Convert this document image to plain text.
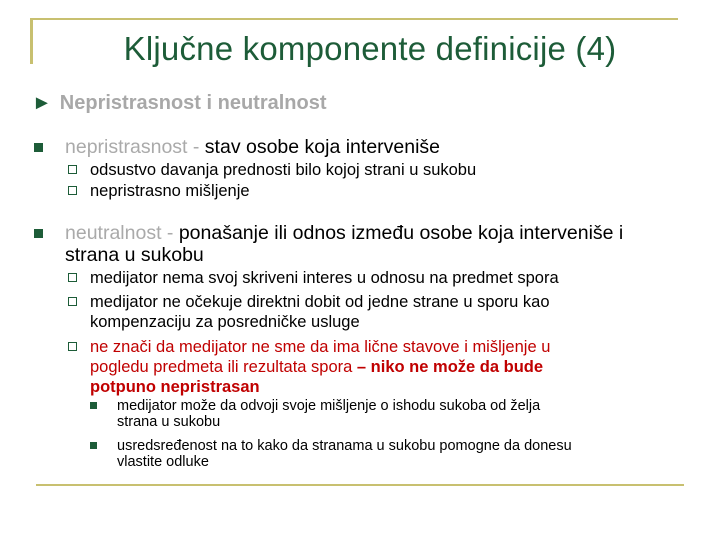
Ključne komponente definicije (4)
► Nepristrasnost i neutralnost
nepristrasnost - stav osobe koja interveniše
odsustvo davanja prednosti bilo kojoj strani u sukobu
nepristrasno mišljenje
neutralnost - ponašanje ili odnos između osobe koja interveniše i
strana u sukobu
medijator nema svoj skriveni interes u odnosu na predmet spora
medijator ne očekuje direktni dobit od jedne strane u sporu kao
kompenzaciju za posredničke usluge
ne znači da medijator ne sme da ima lične stavove i mišljenje u
pogledu predmeta ili rezultata spora – niko ne može da bude
potpuno nepristrasan
medijator može da odvoji svoje mišljenje o ishodu sukoba od želja
strana u sukobu
usredsređenost na to kako da stranama u sukobu pomogne da donesu
vlastite odluke
